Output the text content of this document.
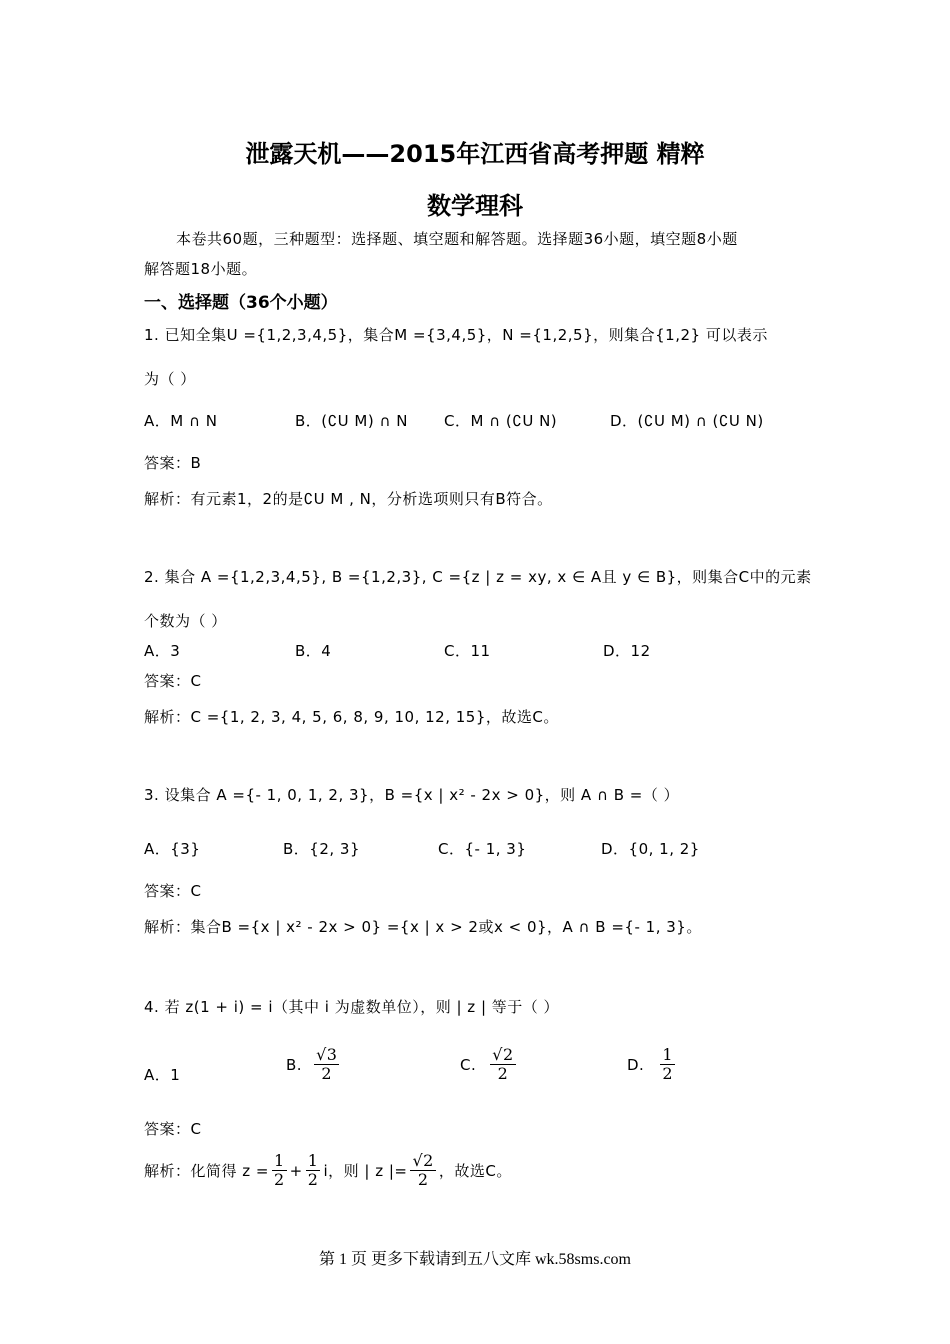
泄露天机——2015年江西省高考押题 精粹
数学理科
本卷共60题，三种题型：选择题、填空题和解答题。选择题36小题，填空题8小题
解答题18小题。
一、选择题（36个小题）
1. 已知全集U ={1,2,3,4,5}，集合M ={3,4,5}，N ={1,2,5}，则集合{1,2} 可以表示
为（ ）
A．M ∩ N	B．(∁U M) ∩ N C．M ∩ (∁U N)	D．(∁U M) ∩ (∁U N)
答案：B
解析：有元素1，2的是∁U M , N，分析选项则只有B符合。
2. 集合 A ={1,2,3,4,5}, B ={1,2,3}, C ={z | z = xy, x ∈ A且 y ∈ B}，则集合C中的元素
个数为（ ）
A．3	B．4	C．11	D．12
答案：C
解析：C ={1, 2, 3, 4, 5, 6, 8, 9, 10, 12, 15}，故选C。
3. 设集合 A ={- 1, 0, 1, 2, 3}，B ={x | x² - 2x > 0}，则 A ∩ B =（ ）
A．{3}	B．{2, 3}	C．{- 1, 3}	D．{0, 1, 2}
答案：C
解析：集合B ={x | x² - 2x > 0} ={x | x > 2或x < 0}，A ∩ B ={- 1, 3}。
4. 若 z(1 + i) = i（其中 i 为虚数单位），则 | z | 等于（ ）
A．1
B. $\frac{√3}{2}$	C. $\frac{√2}{2}$	D. $\frac{1}{2}$
答案：C
解析：化简得 $z = \frac{1}{2} + \frac{1}{2}$ i，则 | z |= $\frac{√2}{2}$ ，故选C。
第 1 页 更多下载请到五八文库 wk.58sms.com
